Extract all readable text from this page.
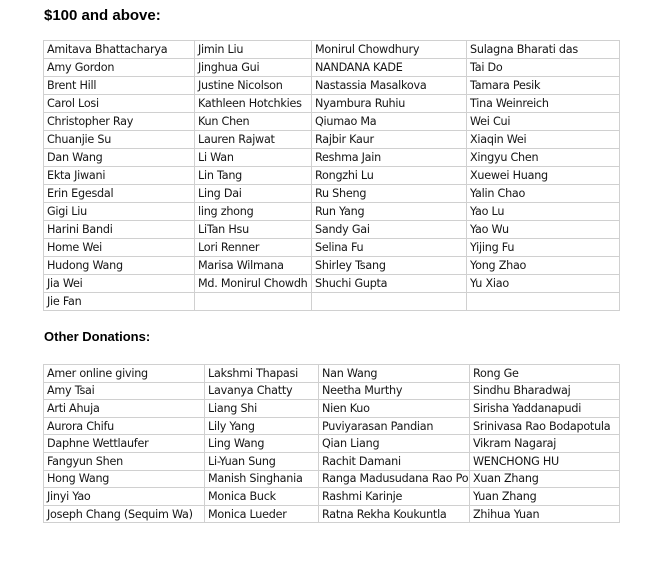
$100 and above:
Amitava Bhattacharya	Jimin Liu	Monirul Chowdhury	Sulagna Bharati das
Amy Gordon	Jinghua Gui	NANDANA KADE	Tai Do
Brent Hill	Justine Nicolson	Nastassia Masalkova	Tamara Pesik
Carol Losi	Kathleen Hotchkies	Nyambura Ruhiu	Tina Weinreich
Christopher Ray	Kun Chen	Qiumao Ma	Wei Cui
Chuanjie Su	Lauren Rajwat	Rajbir Kaur	Xiaqin Wei
Dan Wang	Li Wan	Reshma Jain	Xingyu Chen
Ekta Jiwani	Lin Tang	Rongzhi Lu	Xuewei Huang
Erin Egesdal	Ling Dai	Ru Sheng	Yalin Chao
Gigi Liu	ling zhong	Run Yang	Yao Lu
Harini Bandi	LiTan Hsu	Sandy Gai	Yao Wu
Home Wei	Lori Renner	Selina Fu	Yijing Fu
Hudong Wang	Marisa Wilmana	Shirley Tsang	Yong Zhao
Jia Wei	Md. Monirul Chowdh	Shuchi Gupta	Yu Xiao
Jie Fan			
Other Donations:
Amer online giving	Lakshmi Thapasi	Nan Wang	Rong Ge
Amy Tsai	Lavanya Chatty	Neetha Murthy	Sindhu Bharadwaj
Arti Ahuja	Liang Shi	Nien Kuo	Sirisha Yaddanapudi
Aurora Chifu	Lily Yang	Puviyarasan Pandian	Srinivasa Rao Bodapotula
Daphne Wettlaufer	Ling Wang	Qian Liang	Vikram Nagaraj
Fangyun Shen	Li-Yuan Sung	Rachit Damani	WENCHONG HU
Hong Wang	Manish Singhania	Ranga Madusudana Rao Po	Xuan Zhang
Jinyi Yao	Monica Buck	Rashmi Karinje	Yuan Zhang
Joseph Chang (Sequim Wa)	Monica Lueder	Ratna Rekha Koukuntla	Zhihua Yuan
